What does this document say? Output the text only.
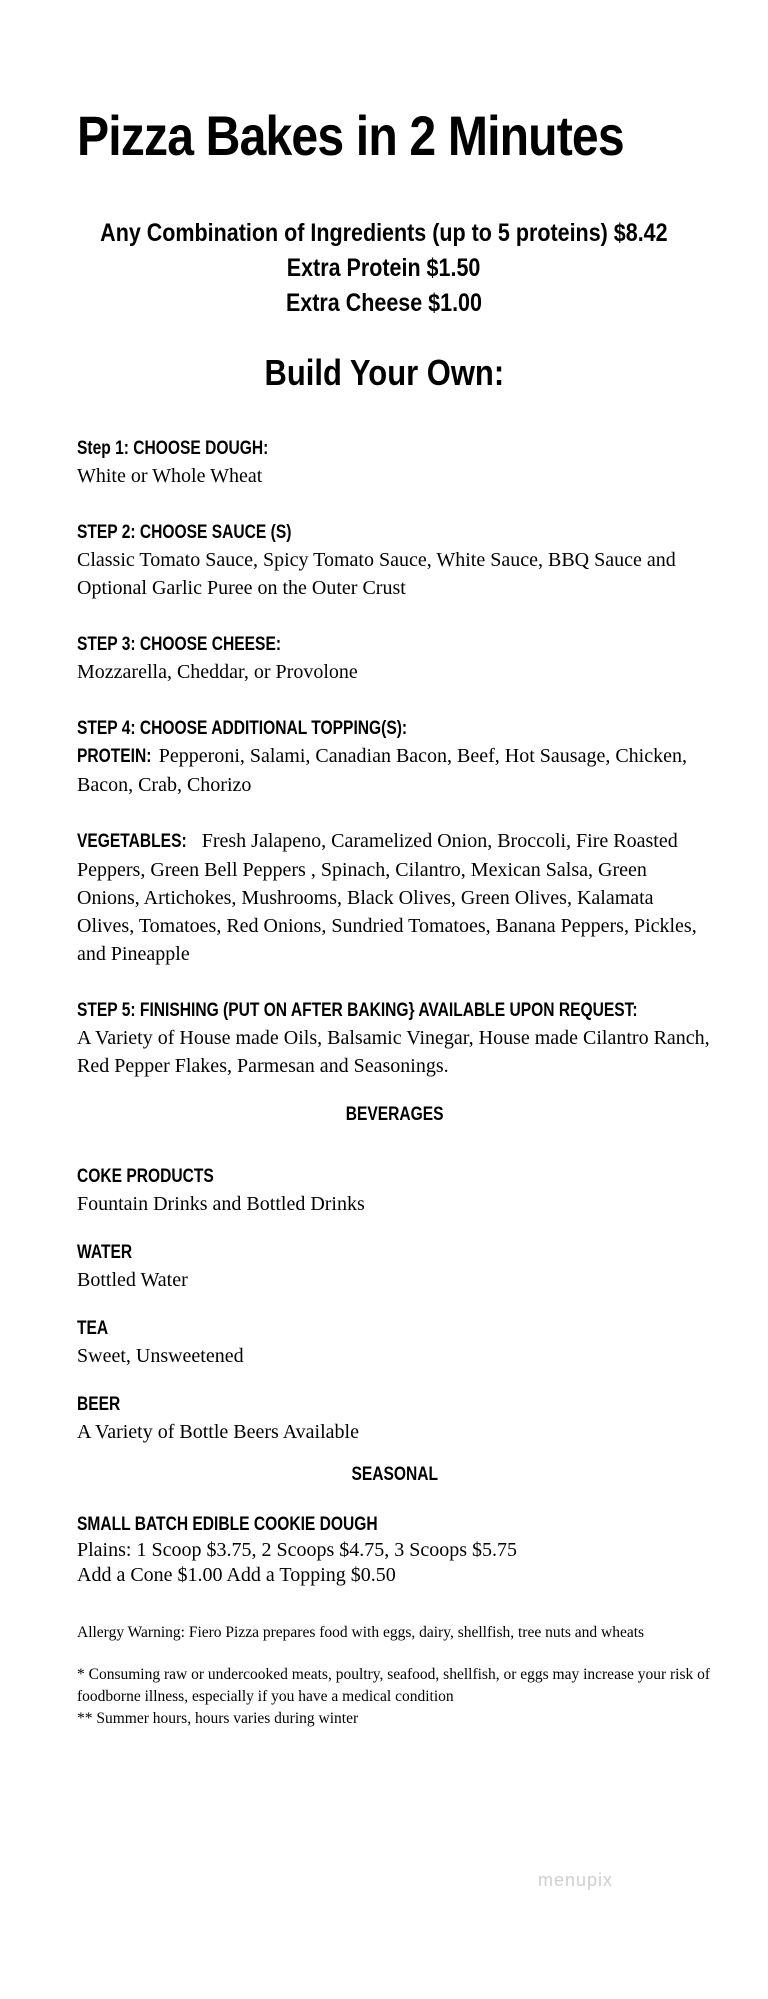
Pizza Bakes in 2 Minutes
Any Combination of Ingredients (up to 5 proteins) $8.42
Extra Protein $1.50
Extra Cheese $1.00
Build Your Own:
Step 1: CHOOSE DOUGH:
White or Whole Wheat
STEP 2: CHOOSE SAUCE (S)
Classic Tomato Sauce, Spicy Tomato Sauce, White Sauce, BBQ Sauce and Optional Garlic Puree on the Outer Crust
STEP 3: CHOOSE CHEESE:
Mozzarella, Cheddar, or Provolone
STEP 4: CHOOSE ADDITIONAL TOPPING(S):
PROTEIN: Pepperoni, Salami, Canadian Bacon, Beef, Hot Sausage, Chicken, Bacon, Crab, Chorizo
VEGETABLES: Fresh Jalapeno, Caramelized Onion, Broccoli, Fire Roasted Peppers, Green Bell Peppers , Spinach, Cilantro, Mexican Salsa, Green Onions, Artichokes, Mushrooms, Black Olives, Green Olives, Kalamata Olives, Tomatoes, Red Onions, Sundried Tomatoes, Banana Peppers, Pickles, and Pineapple
STEP 5: FINISHING (PUT ON AFTER BAKING} AVAILABLE UPON REQUEST:
A Variety of House made Oils, Balsamic Vinegar, House made Cilantro Ranch, Red Pepper Flakes, Parmesan and Seasonings.
BEVERAGES
COKE PRODUCTS
Fountain Drinks and Bottled Drinks
WATER
Bottled Water
TEA
Sweet, Unsweetened
BEER
A Variety of Bottle Beers Available
SEASONAL
SMALL BATCH EDIBLE COOKIE DOUGH
Plains: 1 Scoop $3.75, 2 Scoops $4.75, 3 Scoops $5.75
Add a Cone $1.00 Add a Topping $0.50
Allergy Warning: Fiero Pizza prepares food with eggs, dairy, shellfish, tree nuts and wheats
* Consuming raw or undercooked meats, poultry, seafood, shellfish, or eggs may increase your risk of foodborne illness, especially if you have a medical condition
** Summer hours, hours varies during winter
menupix
